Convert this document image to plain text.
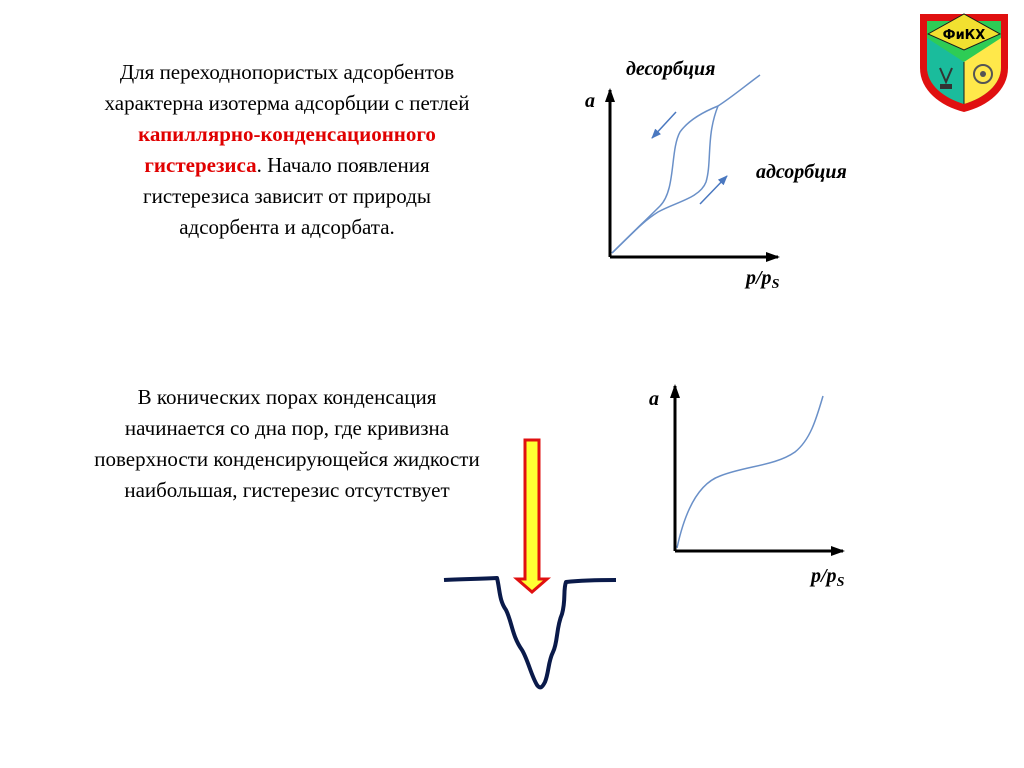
Для переходнопористых адсорбентов характерна изотерма адсорбции с петлей капиллярно-конденсационного гистерезиса. Начало появления гистерезиса зависит от природы адсорбента и адсорбата.
В конических порах конденсация начинается со дна пор, где кривизна поверхности конденсирующейся жидкости наибольшая, гистерезис отсутствует
десорбция
a
адсорбция
$p/p_S$
a
$p/p_S$
ФиКХ
